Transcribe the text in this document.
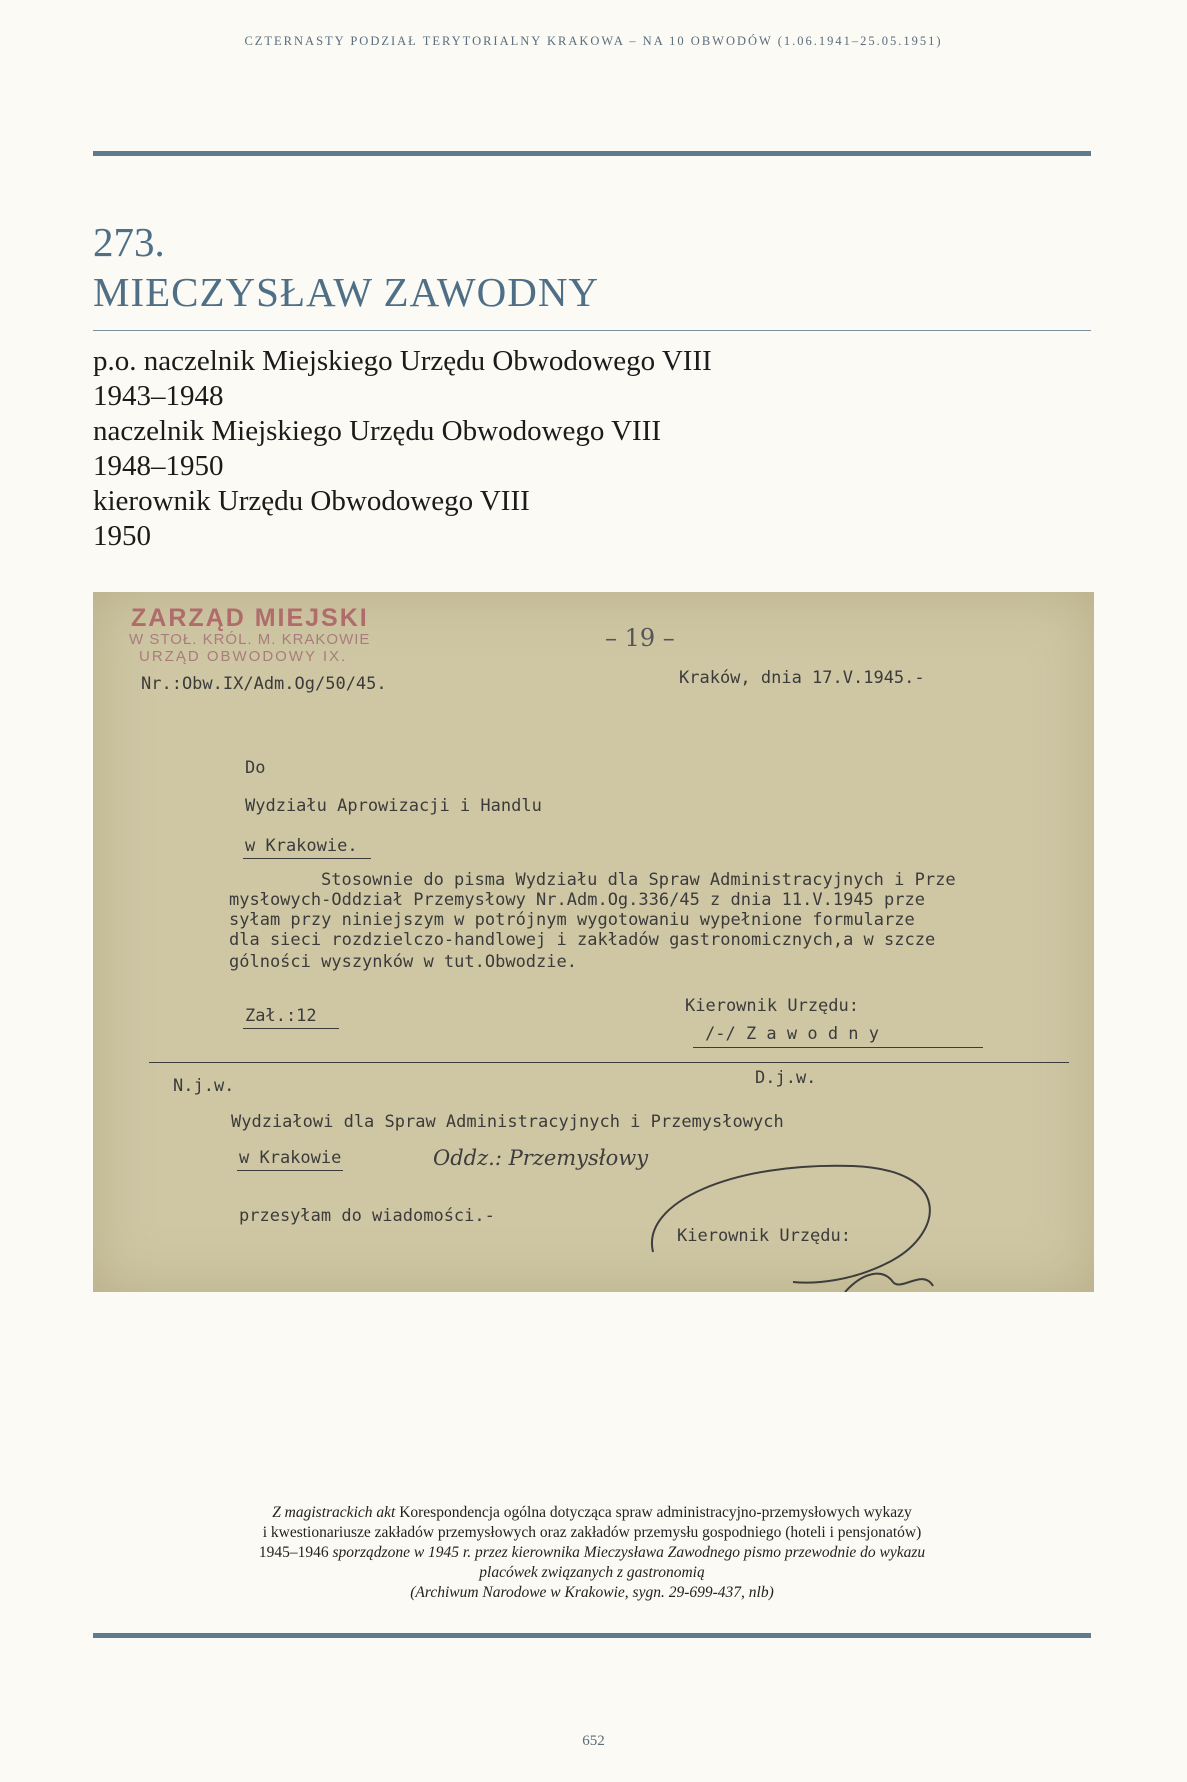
CZTERNASTY PODZIAŁ TERYTORIALNY KRAKOWA – NA 10 OBWODÓW (1.06.1941–25.05.1951)
273.
MIECZYSŁAW ZAWODNY
p.o. naczelnik Miejskiego Urzędu Obwodowego VIII
1943–1948
naczelnik Miejskiego Urzędu Obwodowego VIII
1948–1950
kierownik Urzędu Obwodowego VIII
1950
ZARZĄD MIEJSKI
W STOŁ. KRÓL. M. KRAKOWIE
URZĄD OBWODOWY IX.
– 19 –
Nr.:Obw.IX/Adm.Og/50/45.	Kraków, dnia 17.V.1945.-
Do
Wydziału Aprowizacji i Handlu
w Krakowie.
Stosownie do pisma Wydziału dla Spraw Administracyjnych i Prze
mysłowych-Oddział Przemysłowy Nr.Adm.Og.336/45 z dnia 11.V.1945 prze
syłam przy niniejszym w potrójnym wygotowaniu wypełnione formularze
dla sieci rozdzielczo-handlowej i zakładów gastronomicznych,a w szcze
gólności wyszynków w tut.Obwodzie.
Zał.:12	Kierownik Urzędu:
/-/ Z a w o d n y
N.j.w.	D.j.w.
Wydziałowi dla Spraw Administracyjnych i Przemysłowych
w Krakowie	Oddz.: Przemysłowy
przesyłam do wiadomości.-
Kierownik Urzędu:
Z magistrackich akt Korespondencja ogólna dotycząca spraw administracyjno-przemysłowych wykazy
i kwestionariusze zakładów przemysłowych oraz zakładów przemysłu gospodniego (hoteli i pensjonatów)
1945–1946 sporządzone w 1945 r. przez kierownika Mieczysława Zawodnego pismo przewodnie do wykazu
placówek związanych z gastronomią
(Archiwum Narodowe w Krakowie, sygn. 29-699-437, nlb)
652
